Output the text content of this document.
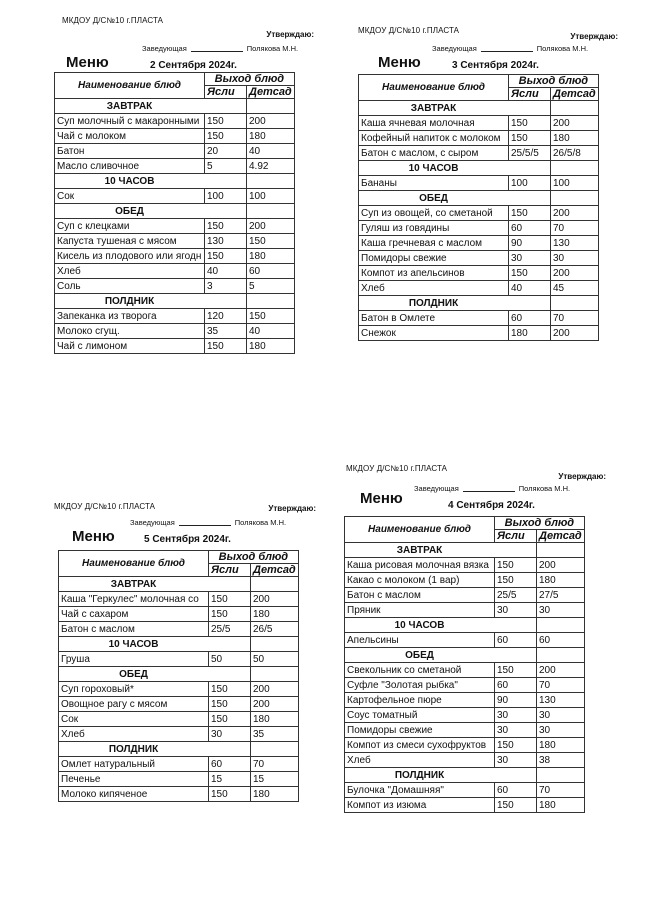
МКДОУ Д/С№10 г.ПЛАСТА
Утверждаю:
Заведующая	Полякова М.Н.
Меню	2 Сентября 2024г.
Наименование блюд	Выход блюд	
	Ясли	Детсад
ЗАВТРАК		
Суп молочный с макаронными	150	200
Чай с молоком	150	180
Батон	20	40
Масло сливочное	5	4.92
10 ЧАСОВ		
Сок	100	100
ОБЕД		
Суп с клецками	150	200
Капуста тушеная с мясом	130	150
Кисель из плодового или ягодн	150	180
Хлеб	40	60
Соль	3	5
ПОЛДНИК		
Запеканка из творога	120	150
Молоко сгущ.	35	40
Чай с лимоном	150	180
МКДОУ Д/С№10 г.ПЛАСТА
Утверждаю:
Заведующая	Полякова М.Н.
Меню	3 Сентября 2024г.
Наименование блюд	Выход блюд	
	Ясли	Детсад
ЗАВТРАК		
Каша ячневая молочная	150	200
Кофейный напиток с молоком	150	180
Батон с маслом, с сыром	25/5/5	26/5/8
10 ЧАСОВ		
Бананы	100	100
ОБЕД		
Суп из овощей, со сметаной	150	200
Гуляш из говядины	60	70
Каша гречневая с маслом	90	130
Помидоры свежие	30	30
Компот из апельсинов	150	200
Хлеб	40	45
ПОЛДНИК		
Батон в Омлете	60	70
Снежок	180	200
МКДОУ Д/С№10 г.ПЛАСТА	Утверждаю:
Заведующая	Полякова М.Н.
Меню	5 Сентября 2024г.
Наименование блюд	Выход блюд	
	Ясли	Детсад
ЗАВТРАК		
Каша "Геркулес" молочная со	150	200
Чай с сахаром	150	180
Батон с маслом	25/5	26/5
10 ЧАСОВ		
Груша	50	50
ОБЕД		
Суп гороховый*	150	200
Овощное рагу с мясом	150	200
Сок	150	180
Хлеб	30	35
ПОЛДНИК		
Омлет натуральный	60	70
Печенье	15	15
Молоко кипяченое	150	180
МКДОУ Д/С№10 г.ПЛАСТА
Утверждаю:
Заведующая	Полякова М.Н.
Меню	4 Сентября 2024г.
Наименование блюд	Выход блюд	
	Ясли	Детсад
ЗАВТРАК		
Каша рисовая молочная вязка	150	200
Какао с молоком (1 вар)	150	180
Батон с маслом	25/5	27/5
Пряник	30	30
10 ЧАСОВ		
Апельсины	60	60
ОБЕД		
Свекольник со сметаной	150	200
Суфле "Золотая рыбка"	60	70
Картофельное пюре	90	130
Соус томатный	30	30
Помидоры свежие	30	30
Компот из смеси сухофруктов	150	180
Хлеб	30	38
ПОЛДНИК		
Булочка "Домашняя"	60	70
Компот из изюма	150	180
